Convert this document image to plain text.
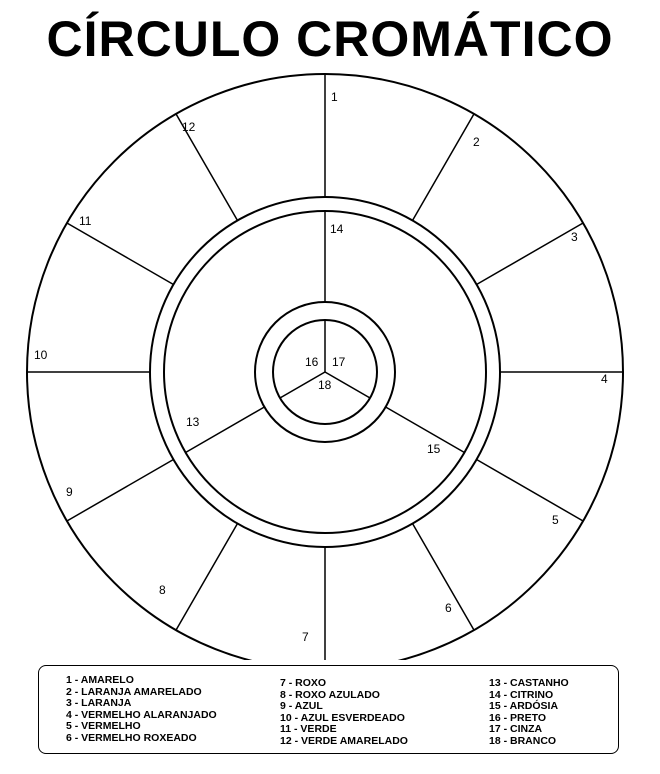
CÍRCULO CROMÁTICO
1
2
3
4
5
6
7
8
9
10
11
12
14
15
13
16 17
18
1 - AMARELO
2 - LARANJA AMARELADO
3 - LARANJA
4 - VERMELHO ALARANJADO
5 - VERMELHO
6 - VERMELHO ROXEADO
7 - ROXO
8 - ROXO AZULADO
9 - AZUL
10 - AZUL ESVERDEADO
11 - VERDE
12 - VERDE AMARELADO
13 - CASTANHO
14 - CITRINO
15 - ARDÓSIA
16 - PRETO
17 - CINZA
18 - BRANCO
